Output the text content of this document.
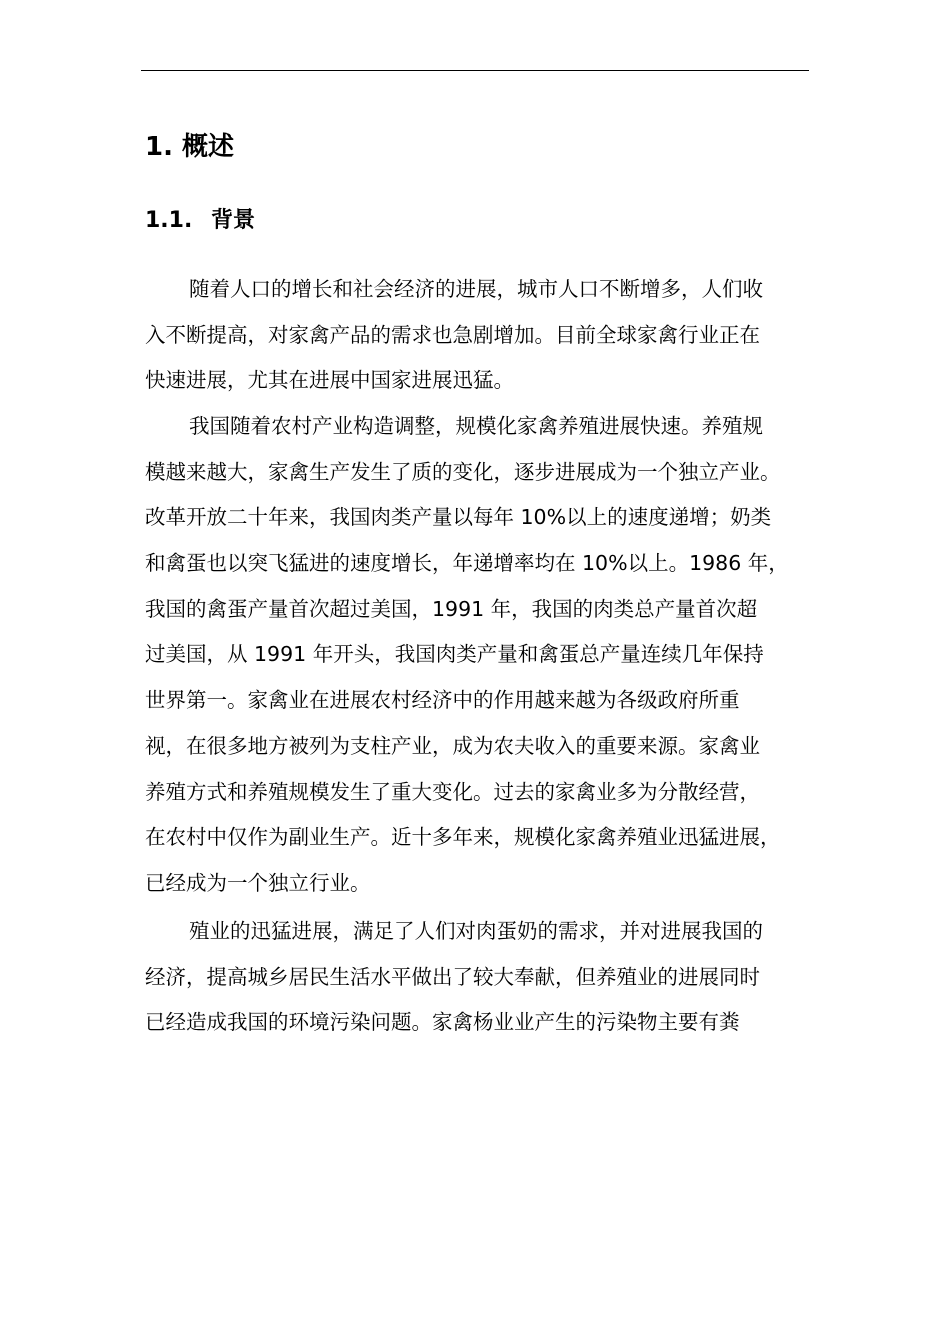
1. 概述
1.1. 背景
随着人口的增长和社会经济的进展，城市人口不断增多，人们收
入不断提高，对家禽产品的需求也急剧增加。目前全球家禽行业正在
快速进展，尤其在进展中国家进展迅猛。
我国随着农村产业构造调整，规模化家禽养殖进展快速。养殖规
模越来越大，家禽生产发生了质的变化，逐步进展成为一个独立产业。
改革开放二十年来，我国肉类产量以每年 10%以上的速度递增；奶类
和禽蛋也以突飞猛进的速度增长，年递增率均在 10%以上。1986 年，
我国的禽蛋产量首次超过美国，1991 年，我国的肉类总产量首次超
过美国，从 1991 年开头，我国肉类产量和禽蛋总产量连续几年保持
世界第一。家禽业在进展农村经济中的作用越来越为各级政府所重
视，在很多地方被列为支柱产业，成为农夫收入的重要来源。家禽业
养殖方式和养殖规模发生了重大变化。过去的家禽业多为分散经营，
在农村中仅作为副业生产。近十多年来，规模化家禽养殖业迅猛进展，
已经成为一个独立行业。
殖业的迅猛进展，满足了人们对肉蛋奶的需求，并对进展我国的
经济，提高城乡居民生活水平做出了较大奉献，但养殖业的进展同时
已经造成我国的环境污染问题。家禽杨业业产生的污染物主要有粪
